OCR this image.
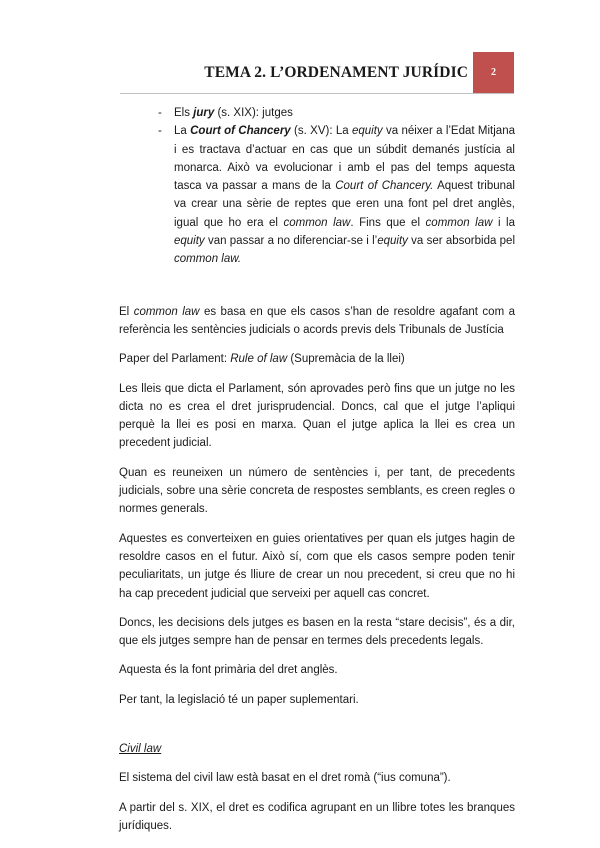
TEMA 2. L’ORDENAMENT JURÍDIC 2
- Els jury (s. XIX): jutges
- La Court of Chancery (s. XV): La equity va néixer a l’Edat Mitjana i es tractava d’actuar en cas que un súbdit demanés justícia al monarca. Això va evolucionar i amb el pas del temps aquesta tasca va passar a mans de la Court of Chancery. Aquest tribunal va crear una sèrie de reptes que eren una font pel dret anglès, igual que ho era el common law. Fins que el common law i la equity van passar a no diferenciar-se i l’equity va ser absorbida pel common law.

El common law es basa en que els casos s’han de resoldre agafant com a referència les sentències judicials o acords previs dels Tribunals de Justícia

Paper del Parlament: Rule of law (Supremàcia de la llei)

Les lleis que dicta el Parlament, són aprovades però fins que un jutge no les dicta no es crea el dret jurisprudencial. Doncs, cal que el jutge l’apliqui perquè la llei es posi en marxa. Quan el jutge aplica la llei es crea un precedent judicial.

Quan es reuneixen un número de sentències i, per tant, de precedents judicials, sobre una sèrie concreta de respostes semblants, es creen regles o normes generals.

Aquestes es converteixen en guies orientatives per quan els jutges hagin de resoldre casos en el futur. Això sí, com que els casos sempre poden tenir peculiaritats, un jutge és lliure de crear un nou precedent, si creu que no hi ha cap precedent judicial que serveixi per aquell cas concret.

Doncs, les decisions dels jutges es basen en la resta “stare decisis”, és a dir, que els jutges sempre han de pensar en termes dels precedents legals.

Aquesta és la font primària del dret anglès.

Per tant, la legislació té un paper suplementari.

Civil law

El sistema del civil law està basat en el dret romà (“ius comuna”).

A partir del s. XIX, el dret es codifica agrupant en un llibre totes les branques jurídiques.
